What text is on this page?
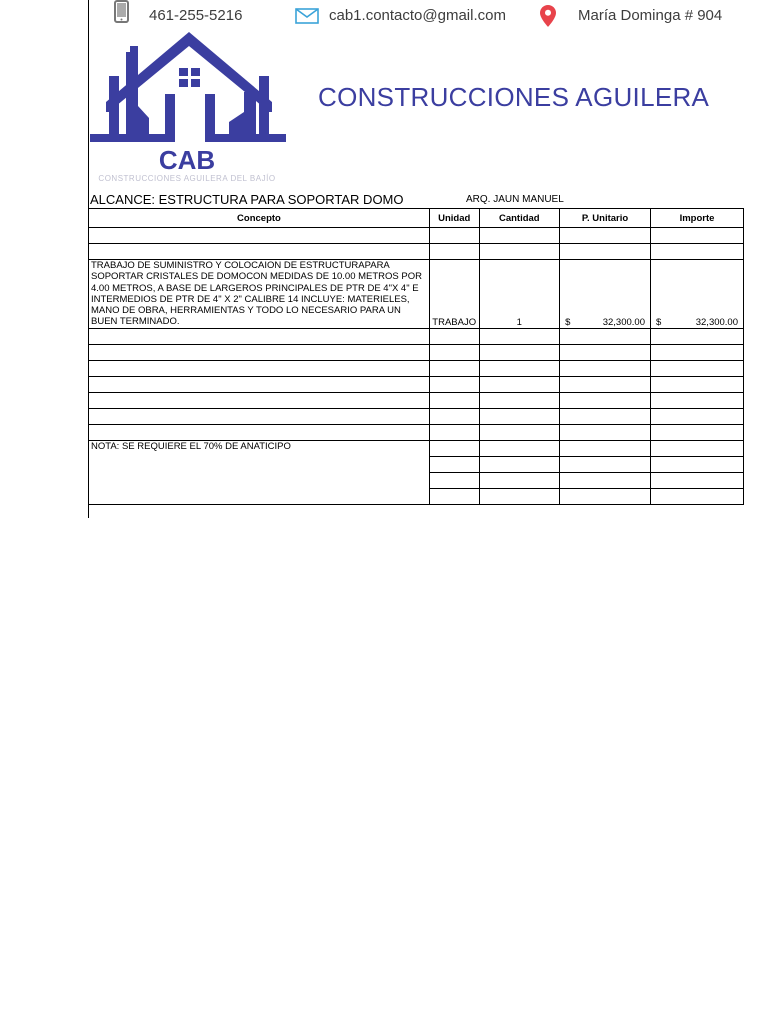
461-255-5216	cab1.contacto@gmail.com	María Dominga # 904
CAB
CONSTRUCCIONES AGUILERA DEL BAJÍO
CONSTRUCCIONES AGUILERA
ALCANCE: ESTRUCTURA PARA SOPORTAR DOMO	ARQ. JAUN MANUEL
Concepto	Unidad	Cantidad	P. Unitario	Importe

TRABAJO DE SUMINISTRO Y COLOCAION DE ESTRUCTURAPARA SOPORTAR CRISTALES DE DOMOCON MEDIDAS DE 10.00 METROS POR 4.00 METROS, A BASE DE LARGEROS PRINCIPALES DE PTR DE 4"X 4" E INTERMEDIOS DE PTR DE 4" X 2" CALIBRE 14 INCLUYE: MATERIELES, MANO DE OBRA, HERRAMIENTAS Y TODO LO NECESARIO PARA UN BUEN TERMINADO.	TRABAJO	1	$ 32,300.00	$ 32,300.00

NOTA: SE REQUIERE EL 70% DE ANATICIPO				
